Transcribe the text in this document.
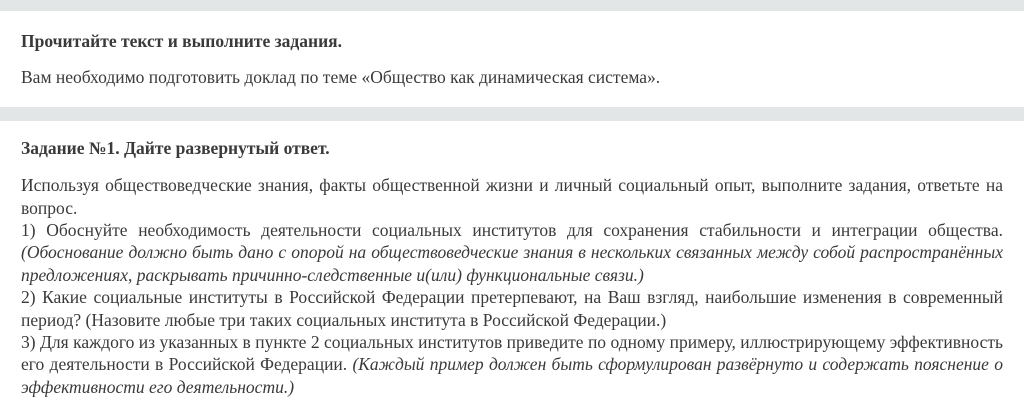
Прочитайте текст и выполните задания.

Вам необходимо подготовить доклад по теме «Общество как динамическая система».

Задание №1. Дайте развернутый ответ.

Используя обществоведческие знания, факты общественной жизни и личный социальный опыт, выполните задания, ответьте на вопрос.

1) Обоснуйте необходимость деятельности социальных институтов для сохранения стабильности и интеграции общества. (Обоснование должно быть дано с опорой на обществоведческие знания в нескольких связанных между собой распространённых предложениях, раскрывать причинно-следственные и(или) функциональные связи.)

2) Какие социальные институты в Российской Федерации претерпевают, на Ваш взгляд, наибольшие изменения в современный период? (Назовите любые три таких социальных института в Российской Федерации.)

3) Для каждого из указанных в пункте 2 социальных институтов приведите по одному примеру, иллюстрирующему эффективность его деятельности в Российской Федерации. (Каждый пример должен быть сформулирован развёрнуто и содержать пояснение о эффективности его деятельности.)
